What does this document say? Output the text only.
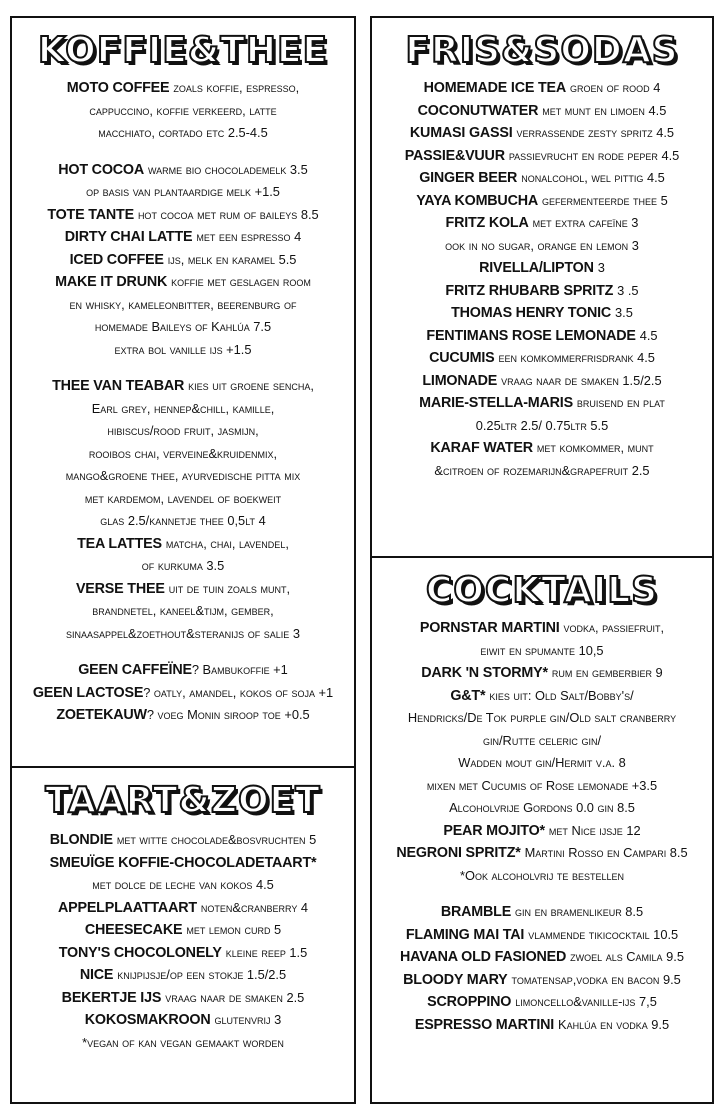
KOFFIE&THEE
MOTO COFFEE zoals koffie, espresso,
cappuccino, koffie verkeerd, latte
macchiato, cortado etc 2.5-4.5
HOT COCOA warme bio chocolademelk 3.5
op basis van plantaardige melk +1.5
TOTE TANTE hot cocoa met rum of baileys 8.5
DIRTY CHAI LATTE met een espresso 4
ICED COFFEE ijs, melk en karamel 5.5
MAKE IT DRUNK koffie met geslagen room
en whisky, kameleonbitter, beerenburg of
homemade Baileys of Kahlúa 7.5
extra bol vanille ijs +1.5
THEE VAN TEABAR kies uit groene sencha,
Earl grey, hennep&chill, kamille,
hibiscus/rood fruit, jasmijn,
rooibos chai, verveine&kruidenmix,
mango&groene thee, ayurvedische pitta mix
met kardemom, lavendel of boekweit
glas 2.5/kannetje thee 0,5lt 4
TEA LATTES matcha, chai, lavendel,
of kurkuma 3.5
VERSE THEE uit de tuin zoals munt,
brandnetel, kaneel&tijm, gember,
sinaasappel&zoethout&steranijs of salie 3
GEEN CAFFEÏNE? Bambukoffie +1
GEEN LACTOSE? oatly, amandel, kokos of soja +1
ZOETEKAUW? voeg Monin siroop toe +0.5
TAART&ZOET
BLONDIE met witte chocolade&bosvruchten 5
SMEUÏGE KOFFIE-CHOCOLADETAART*
met dolce de leche van kokos 4.5
APPELPLAATTAART noten&cranberry 4
CHEESECAKE met lemon curd 5
TONY'S CHOCOLONELY kleine reep 1.5
NICE knijpijsje/op een stokje 1.5/2.5
BEKERTJE IJS vraag naar de smaken 2.5
KOKOSMAKROON glutenvrij 3
*vegan of kan vegan gemaakt worden
FRIS&SODAS
HOMEMADE ICE TEA groen of rood 4
COCONUTWATER met munt en limoen 4.5
KUMASI GASSI verrassende zesty spritz 4.5
PASSIE&VUUR passievrucht en rode peper 4.5
GINGER BEER nonalcohol, wel pittig 4.5
YAYA KOMBUCHA gefermenteerde thee 5
FRITZ KOLA met extra cafeïne 3
ook in no sugar, orange en lemon 3
RIVELLA/LIPTON 3
FRITZ RHUBARB SPRITZ 3 .5
THOMAS HENRY TONIC 3.5
FENTIMANS ROSE LEMONADE 4.5
CUCUMIS een komkommerfrisdrank 4.5
LIMONADE vraag naar de smaken 1.5/2.5
MARIE-STELLA-MARIS bruisend en plat
0.25ltr 2.5/ 0.75ltr 5.5
KARAF WATER met komkommer, munt
&citroen of rozemarijn&grapefruit 2.5
COCKTAILS
PORNSTAR MARTINI vodka, passiefruit,
eiwit en spumante 10,5
DARK 'N STORMY* rum en gemberbier 9
G&T* kies uit: Old Salt/Bobby's/
Hendricks/De Tok purple gin/Old salt cranberry
gin/Rutte celeric gin/
Wadden mout gin/Hermit v.a. 8
mixen met Cucumis of Rose lemonade +3.5
Alcoholvrije Gordons 0.0 gin 8.5
PEAR MOJITO* met Nice ijsje 12
NEGRONI SPRITZ* Martini Rosso en Campari 8.5
*Ook alcoholvrij te bestellen
BRAMBLE gin en bramenlikeur 8.5
FLAMING MAI TAI vlammende tikicocktail 10.5
HAVANA OLD FASIONED zwoel als Camila 9.5
BLOODY MARY tomatensap,vodka en bacon 9.5
SCROPPINO limoncello&vanille-ijs 7,5
ESPRESSO MARTINI Kahlúa en vodka 9.5
